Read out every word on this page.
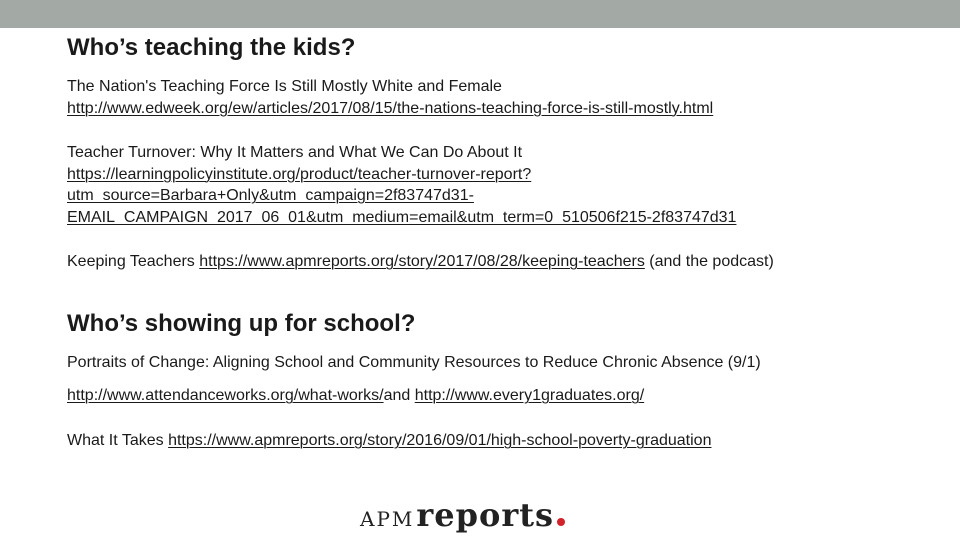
Who’s teaching the kids?

The Nation's Teaching Force Is Still Mostly White and Female
http://www.edweek.org/ew/articles/2017/08/15/the-nations-teaching-force-is-still-mostly.html

Teacher Turnover: Why It Matters and What We Can Do About It
https://learningpolicyinstitute.org/product/teacher-turnover-report?utm_source=Barbara+Only&utm_campaign=2f83747d31-EMAIL_CAMPAIGN_2017_06_01&utm_medium=email&utm_term=0_510506f215-2f83747d31

Keeping Teachers https://www.apmreports.org/story/2017/08/28/keeping-teachers (and the podcast)

Who’s showing up for school?

Portraits of Change: Aligning School and Community Resources to Reduce Chronic Absence (9/1)

http://www.attendanceworks.org/what-works/and http://www.every1graduates.org/

What It Takes https://www.apmreports.org/story/2016/09/01/high-school-poverty-graduation

APM reports
